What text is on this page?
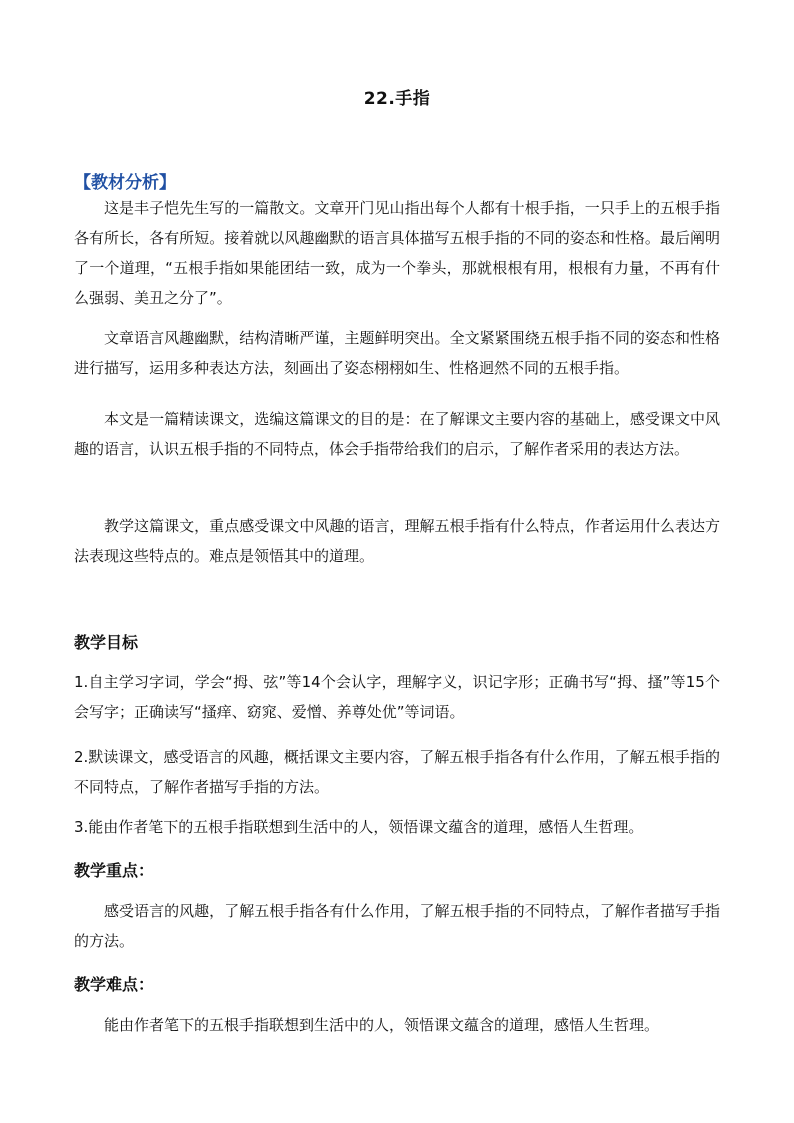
22.手指
【教材分析】

这是丰子恺先生写的一篇散文。文章开门见山指出每个人都有十根手指，一只手上的五根手指各有所长，各有所短。接着就以风趣幽默的语言具体描写五根手指的不同的姿态和性格。最后阐明了一个道理，“五根手指如果能团结一致，成为一个拳头，那就根根有用，根根有力量，不再有什么强弱、美丑之分了”。

文章语言风趣幽默，结构清晰严谨，主题鲜明突出。全文紧紧围绕五根手指不同的姿态和性格进行描写，运用多种表达方法，刻画出了姿态栩栩如生、性格迥然不同的五根手指。

本文是一篇精读课文，选编这篇课文的目的是：在了解课文主要内容的基础上，感受课文中风趣的语言，认识五根手指的不同特点，体会手指带给我们的启示，了解作者采用的表达方法。

教学这篇课文，重点感受课文中风趣的语言，理解五根手指有什么特点，作者运用什么表达方法表现这些特点的。难点是领悟其中的道理。

教学目标

1.自主学习字词，学会“拇、弦”等14个会认字，理解字义，识记字形；正确书写“拇、搔”等15个会写字；正确读写“搔痒、窈窕、爱憎、养尊处优”等词语。

2.默读课文，感受语言的风趣，概括课文主要内容，了解五根手指各有什么作用，了解五根手指的不同特点，了解作者描写手指的方法。

3.能由作者笔下的五根手指联想到生活中的人，领悟课文蕴含的道理，感悟人生哲理。

教学重点：

感受语言的风趣，了解五根手指各有什么作用，了解五根手指的不同特点，了解作者描写手指的方法。

教学难点：

能由作者笔下的五根手指联想到生活中的人，领悟课文蕴含的道理，感悟人生哲理。
